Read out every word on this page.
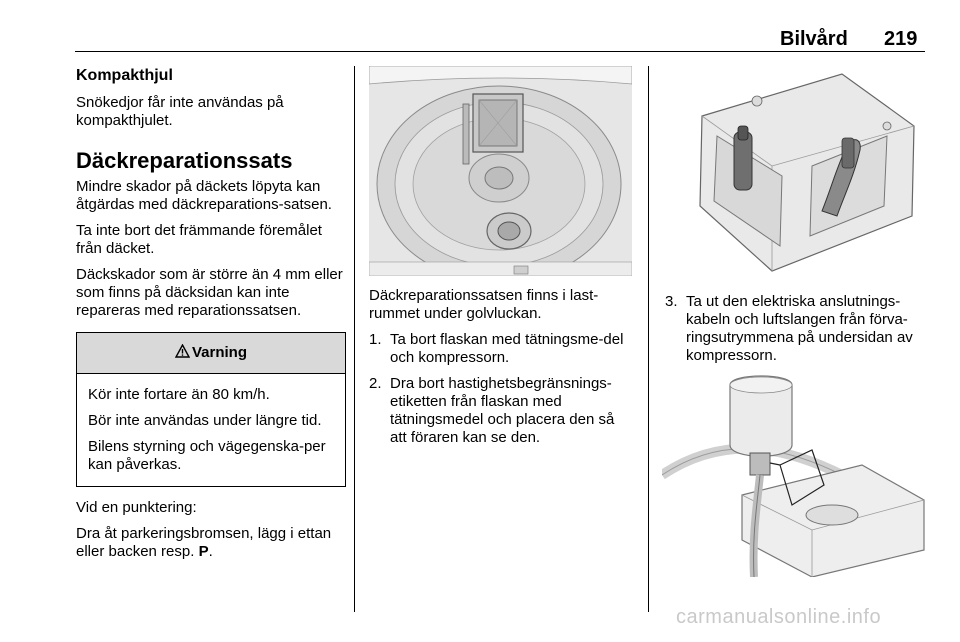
Bilvård 219
Kompakthjul

Snökedjor får inte användas på kompakthjulet.

Däckreparationssats

Mindre skador på däckets löpyta kan åtgärdas med däckreparations-satsen.

Ta inte bort det främmande föremålet från däcket.

Däckskador som är större än 4 mm eller som finns på däcksidan kan inte repareras med reparationssatsen.

Varning

Kör inte fortare än 80 km/h.

Bör inte användas under längre tid.

Bilens styrning och vägegenska-per kan påverkas.

Vid en punktering:

Dra åt parkeringsbromsen, lägg i ettan eller backen resp. P.

Däckreparationssatsen finns i last-rummet under golvluckan.

1. Ta bort flaskan med tätningsme-del och kompressorn.
2. Dra bort hastighetsbegränsnings-etiketten från flaskan med tätningsmedel och placera den så att föraren kan se den.
3. Ta ut den elektriska anslutnings-kabeln och luftslangen från förva-ringsutrymmena på undersidan av kompressorn.
carmanualsonline.info
